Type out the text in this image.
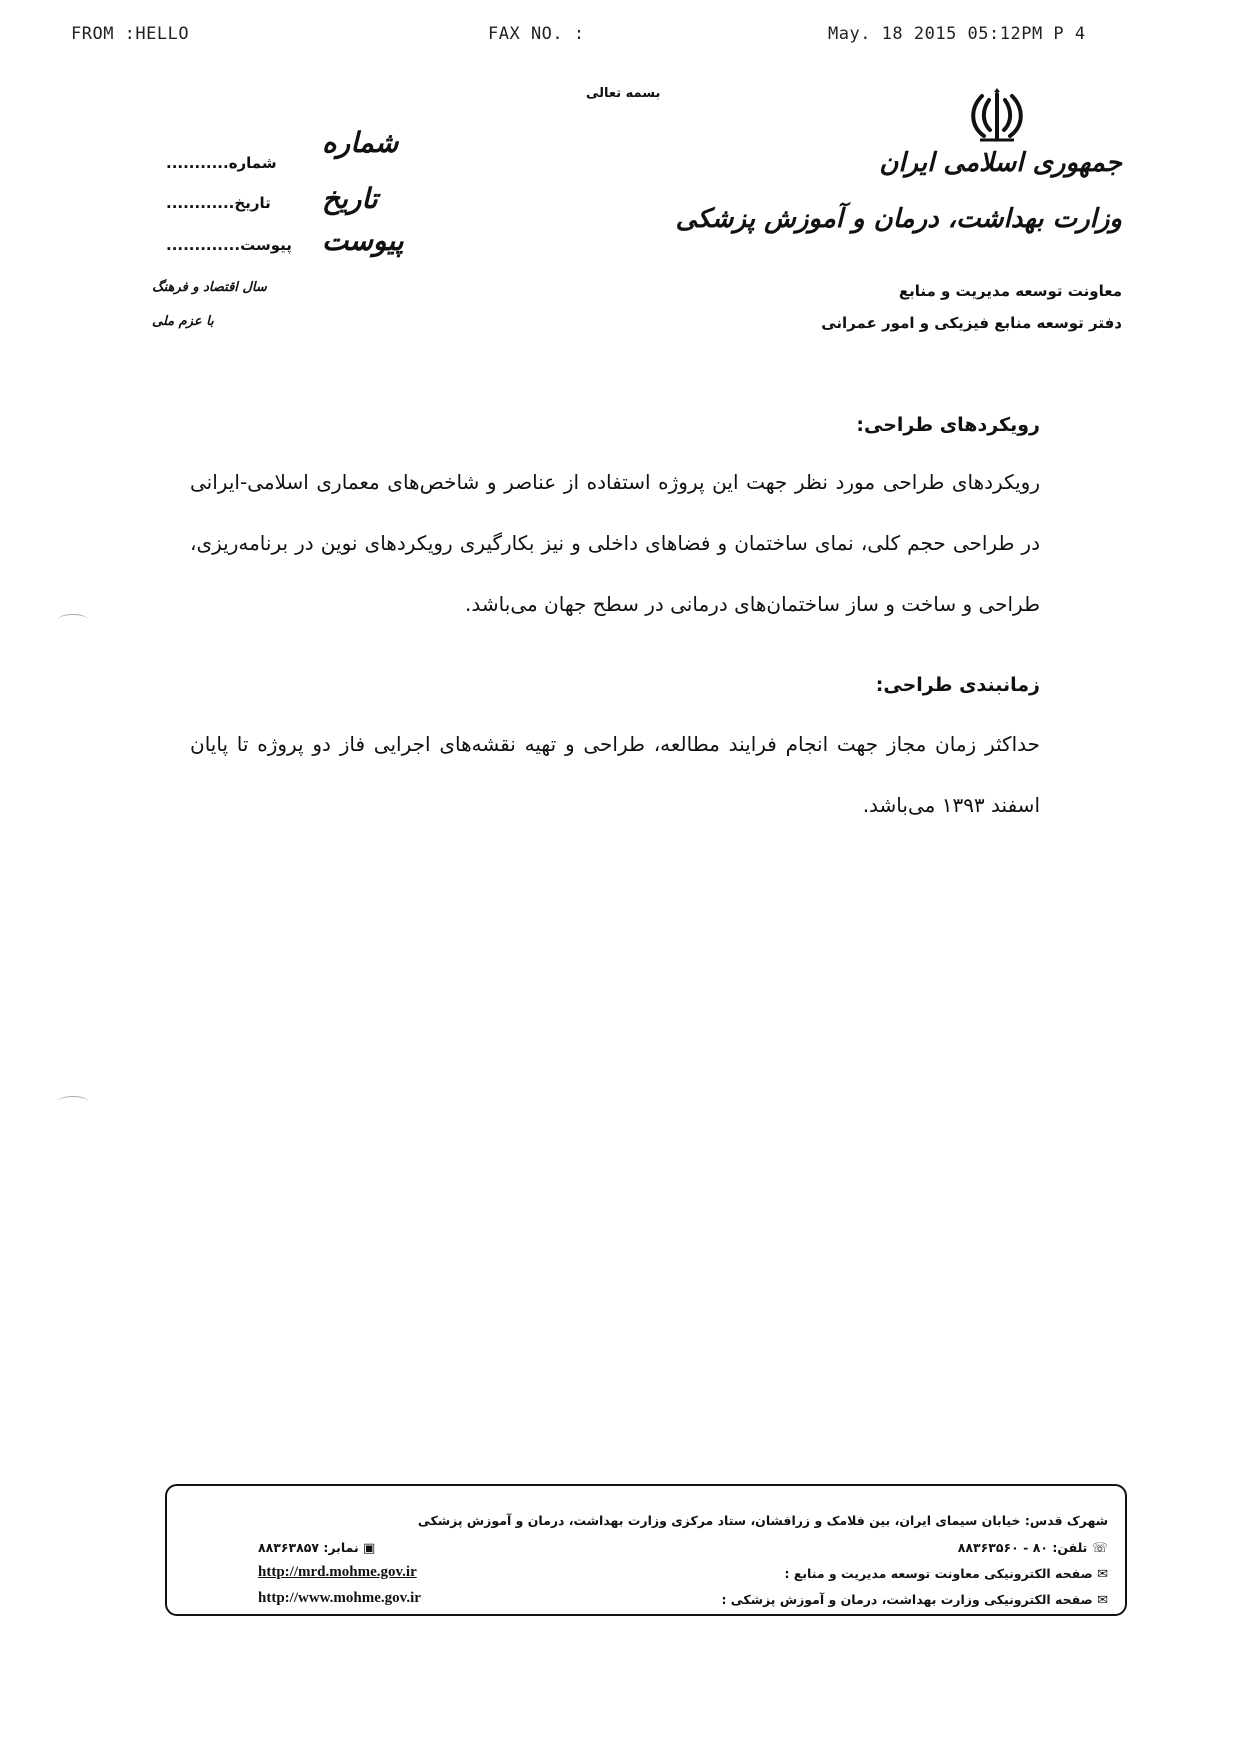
FROM :HELLO	FAX NO. :	May. 18 2015 05:12PM P 4
بسمه تعالی
جمهوری اسلامی ایران
وزارت بهداشت، درمان و آموزش پزشکی
معاونت توسعه مدیریت و منابع
دفتر توسعه منابع فیزیکی و امور عمرانی
شماره
شماره...........
تاریخ
تاریخ............
پیوست
پیوست.............
سال اقتصاد و فرهنگ
با عزم ملی
رویکردهای طراحی:
رویکردهای طراحی مورد نظر جهت این پروژه استفاده از عناصر و شاخص‌های معماری اسلامی-ایرانی در طراحی حجم کلی، نمای ساختمان و فضاهای داخلی و نیز بکارگیری رویکردهای نوین در برنامه‌ریزی، طراحی و ساخت و ساز ساختمان‌های درمانی در سطح جهان می‌باشد.
زمانبندی طراحی:
حداکثر زمان مجاز جهت انجام فرایند مطالعه، طراحی و تهیه نقشه‌های اجرایی فاز دو پروژه تا پایان اسفند ۱۳۹۳ می‌باشد.
شهرک قدس: خیابان سیمای ایران، بین فلامک و زرافشان، ستاد مرکزی وزارت بهداشت، درمان و آموزش پزشکی
☏ تلفن: ۸۰ - ۸۸۳۶۳۵۶۰
✉ صفحه الکترونیکی معاونت توسعه مدیریت و منابع :
✉ صفحه الکترونیکی وزارت بهداشت، درمان و آموزش پزشکی :
▣ نمابر: ۸۸۳۶۳۸۵۷
http://mrd.mohme.gov.ir
http://www.mohme.gov.ir
